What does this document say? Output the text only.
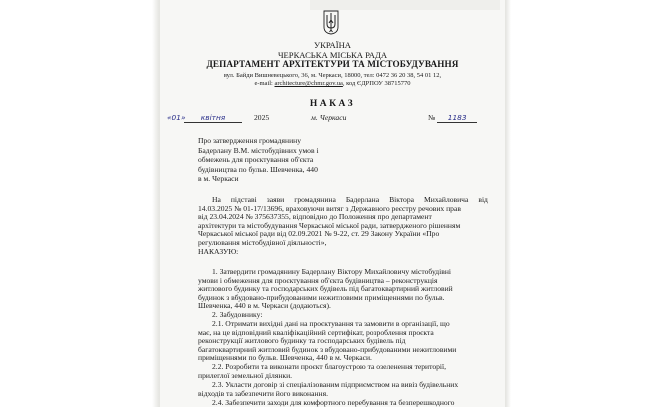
УКРАЇНА
ЧЕРКАСЬКА МІСЬКА РАДА
ДЕПАРТАМЕНТ АРХІТЕКТУРИ ТА МІСТОБУДУВАННЯ
вул. Байди Вишневецького, 36, м. Черкаси, 18000, тел: 0472 36 20 38, 54 01 12,
e-mail: architecture@chmr.gov.ua, код ЄДРПОУ 38715770
НАКАЗ
«01»	квітня	2025	м. Черкаси	№ 1183
Про затвердження громадянину
Бадерлану В.М. містобудівних умов і
обмежень для проєктування об'єкта
будівництва по бульв. Шевченка, 440
в м. Черкаси
На підставі заяви громадянина Бадерлана Віктора Михайловича від
14.03.2025 № 01-17/13696, враховуючи витяг з Державного реєстру речових прав
від 23.04.2024 № 375637355, відповідно до Положення про департамент
архітектури та містобудування Черкаської міської ради, затвердженого рішенням
Черкаської міської ради від 02.09.2021 № 9-22, ст. 29 Закону України «Про
регулювання містобудівної діяльності»,
НАКАЗУЮ:
1. Затвердити громадянину Бадерлану Віктору Михайловичу містобудівні
умови і обмеження для проєктування об'єкта будівництва – реконструкція
житлового будинку та господарських будівель під багатоквартирний житловий
будинок з вбудовано-прибудованими нежитловими приміщеннями по бульв.
Шевченка, 440 в м. Черкаси (додаються).
2. Забудовнику:
2.1. Отримати вихідні дані на проєктування та замовити в організації, що
має, на це відповідний кваліфікаційний сертифікат, розроблення проєкта
реконструкції житлового будинку та господарських будівель під
багатоквартирний житловий будинок з вбудовано-прибудованими нежитловими
приміщеннями по бульв. Шевченка, 440 в м. Черкаси.
2.2. Розробити та виконати проєкт благоустрою та озеленення території,
прилеглої земельної ділянки.
2.3. Укласти договір зі спеціалізованим підприємством на вивіз будівельних
відходів та забезпечити його виконання.
2.4. Забезпечити заходи для комфортного перебування та безперешкодного
